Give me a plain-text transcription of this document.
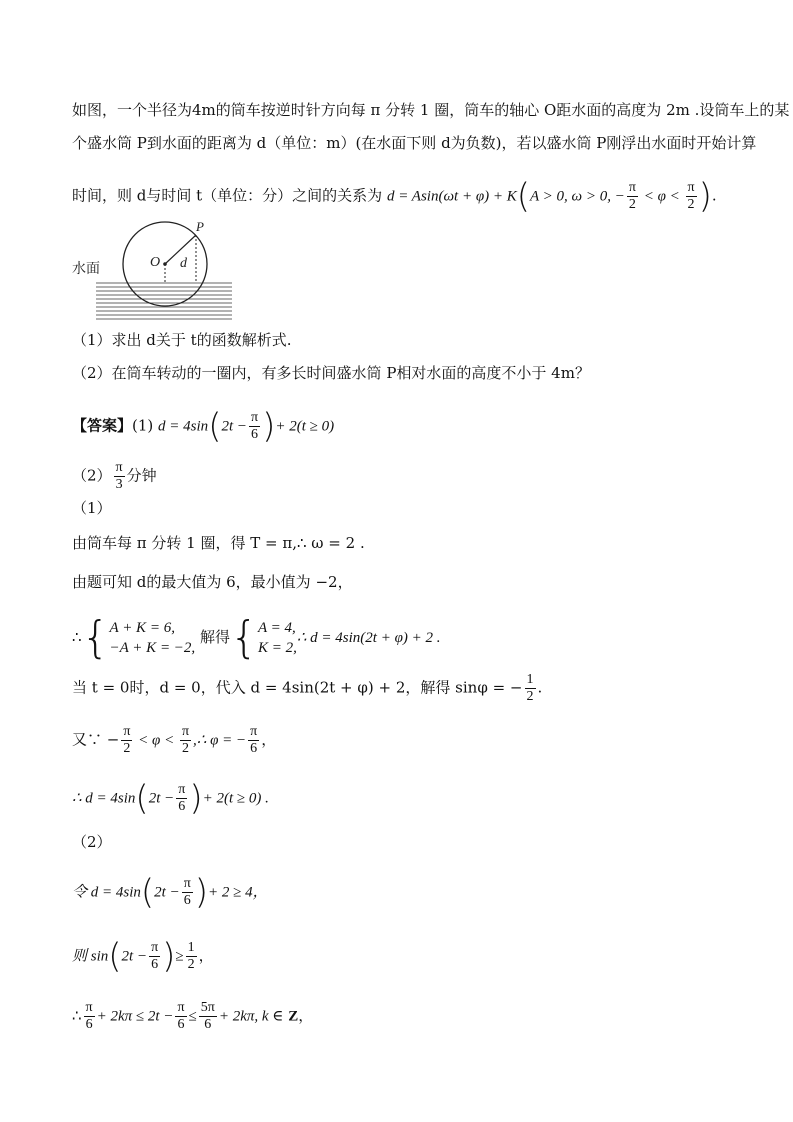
如图，一个半径为4m的筒车按逆时针方向每 π 分转 1 圈，筒车的轴心 O距水面的高度为 2m .设筒车上的某
个盛水筒 P到水面的距离为 d（单位：m）(在水面下则 d为负数)，若以盛水筒 P刚浮出水面时开始计算
时间，则 d与时间 t（单位：分）之间的关系为 d = Asin(ωt + φ) + K(A > 0, ω > 0, − $\frac{\pi}{2} < \varphi < \frac{\pi}{2}$ ).
水面	O d
P
（1）求出 d关于 t的函数解析式.
（2）在筒车转动的一圈内，有多长时间盛水筒 P相对水面的高度不小于 4m？
【答案】(1) $d = 4\sin(2t - \frac{\pi}{6}$ )+ 2(t ≥ 0)
$(2) \frac{\pi}{3}$ 分钟
（1）
由筒车每 π 分转 1 圈，得 T = π,∴ ω = 2 .
由题可知 d的最大值为 6，最小值为 −2，
∴{ A + K = 6,
−A + K = −2,
解得{ A = 4,
K = 2,
∴ d = 4sin(2t + φ) + 2 .
当 t = 0时，d = 0，代入 d = 4sin(2t + φ) + 2，解得 sinφ = − $\frac{1}{2}$ .
又∵ − $\frac{\pi}{2} < \varphi < \frac{\pi}{2}$ ,∴ φ = − $\frac{\pi}{6}$ ，
∴ $d = 4\sin(2t - \frac{\pi}{6}$ )+ 2(t ≥ 0) .
（2）
令 $d = 4\sin(2t - \frac{\pi}{6}$ )+ 2 ≥ 4，
则 $\sin(2t - \frac{\pi}{6}$ )≥ $\frac{1}{2}$ ，
∴ $\frac{\pi}{6} + 2k\pi \le 2t - \frac{\pi}{6} \le \frac{5\pi}{6} + 2k\pi$, k ∈ Z，
